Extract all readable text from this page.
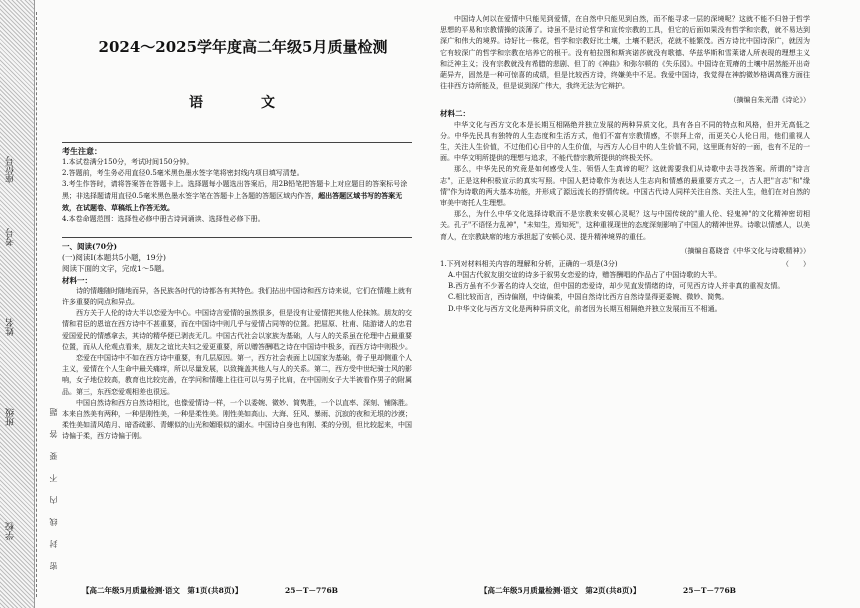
学校
班级
姓名
考号
座位号
密封线内不要答题
2024～2025学年度高二年级5月质量检测
语　文
考生注意：
1.本试卷满分150分，考试时间150分钟。
2.答题前，考生务必用直径0.5毫米黑色墨水签字笔将密封线内项目填写清楚。
3.考生作答时，请将答案答在答题卡上。选择题每小题选出答案后，用2B铅笔把答题卡上对应题目的答案标号涂黑；非选择题请用直径0.5毫米黑色墨水签字笔在答题卡上各题的答题区域内作答，超出答题区域书写的答案无效，在试题卷、草稿纸上作答无效。
4.本卷命题范围：选择性必修中册古诗词诵读、选择性必修下册。
一、阅读(70分)
(一)阅读Ⅰ(本题共5小题，19分)
阅读下面的文字，完成1～5题。
材料一：

诗的情趣随时随地而异，各民族各时代的诗都各有其特色。我们拈出中国诗和西方诗来说，它们在情趣上就有许多重要的同点和异点。

西方关于人伦的诗大半以恋爱为中心。中国诗言爱情的虽然很多，但是没有让爱情把其他人伦抹煞。朋友的交情和君臣的恩谊在西方诗中不甚重要，而在中国诗中则几乎与爱情占同等的位置。把屈原、杜甫、陆游诸人的忠君爱国爱民的情感拿去，其诗的精华便已剥丧无几。中国古代社会以家族为基础，人与人的关系虽在伦理中占最重要位置，而从人伦观点看来，朋友之谊比夫妇之爱更重要，所以赠答酬唱之诗在中国诗中极多，而西方诗中则极少。

恋爱在中国诗中不如在西方诗中重要，有几层原因。第一，西方社会表面上以国家为基础，骨子里却侧重个人主义，爱情在个人生命中最关痛痒，所以尽量发展，以致掩盖其他人与人的关系。第二，西方受中世纪骑士风的影响，女子地位较高，教育也比较完善，在学问和情趣上往往可以与男子比肩，在中国则女子大半被看作男子的附属品。第三，东西恋爱观相差也很远。

中国自然诗和西方自然诗相比，也像爱情诗一样，一个以委婉、微妙、简隽胜，一个以直率、深刻、铺陈胜。本来自然美有两种，一种是刚性美，一种是柔性美。刚性美如高山、大海、狂风、暴雨、沉寂的夜和无垠的沙漠；柔性美如清风皓月、暗香疏影、青螺似的山光和媚眼似的湖水。中国诗自身也有刚、柔的分别，但比较起来，中国诗偏于柔，西方诗偏于刚。

【高二年级5月质量检测·语文　第1页(共8页)】	25－T－776B

中国诗人何以在爱情中只能见到爱情，在自然中只能见到自然，而不能寻求一层的深境呢？这就不能不归咎于哲学思想的平易和宗教情操的淡薄了。诗虽不是讨论哲学和宣传宗教的工具，但它的后面如果没有哲学和宗教，就不易达到深广和伟大的境界。诗好比一株花，哲学和宗教好比土壤，土壤不肥沃，花就不能繁茂。西方诗比中国诗深广，就因为它有较深广的哲学和宗教在培养它的根干。没有柏拉图和斯宾诺莎就没有歌德、华兹华斯和雪莱诸人所表现的理想主义和泛神主义；没有宗教就没有希腊的悲剧、但丁的《神曲》和弥尔顿的《失乐园》。中国诗在荒瘠的土壤中居然能开出奇葩异卉，固然是一种可惊喜的成绩，但是比较西方诗，终嫌美中不足。我爱中国诗，我觉得在神韵微妙格调高雅方面往往非西方诗所能及，但是说到深广伟大，我终无法为它辩护。

（摘编自朱光潜《诗论》）
材料二：

中华文化与西方文化本是长期互相隔绝并独立发展的两种异质文化，具有各自不同的特点和风格，但并无高低之分。中华先民具有独特的人生态度和生活方式，他们不富有宗教情感，不崇拜上帝，而更关心人伦日用，他们重视人生，关注人生价值，不过他们心目中的人生价值，与西方人心目中的人生价值不同，这里既有好的一面，也有不足的一面。中华文明所提供的理想与追求，不能代替宗教所提供的终极关怀。

那么，中华先民的究竟是如何感受人生、领悟人生真谛的呢？这就需要我们从诗歌中去寻找答案。所谓的"诗言志"，正是这种积极宣示的真实写照。中国人把诗歌作为表达人生志向和情感的最重要方式之一，古人把"言志"和"缘情"作为诗歌的两大基本功能，并形成了源远流长的抒情传统。中国古代诗人同样关注自然、关注人生，他们在对自然的审美中寄托人生理想。

那么，为什么中华文化选择诗歌而不是宗教来安顿心灵呢？这与中国传统的"重人伦、轻鬼神"的文化精神密切相关。孔子"不语怪力乱神"，"未知生，焉知死"，这种重视现世的态度深刻影响了中国人的精神世界。诗歌以情感人，以美育人，在宗教缺席的地方承担起了安顿心灵、提升精神境界的重任。

（摘编自葛晓音《中华文化与诗歌精神》）

1.下列对材料相关内容的理解和分析，正确的一项是(3分)	（　　）

A.中国古代叙友朋交谊的诗多于叙男女恋爱的诗，赠答酬唱的作品占了中国诗歌的大半。

B.西方虽有不少著名的诗人交谊，但中国的恋爱诗，却少见直发情绪的诗，可见西方诗人并非真的重视友情。

C.相比较而言，西诗偏刚，中诗偏柔，中国自然诗比西方自然诗显得更委婉、微妙、简隽。

D.中华文化与西方文化是两种异质文化，前者因为长期互相隔绝并独立发展而互不相通。

【高二年级5月质量检测·语文　第2页(共8页)】	25－T－776B
